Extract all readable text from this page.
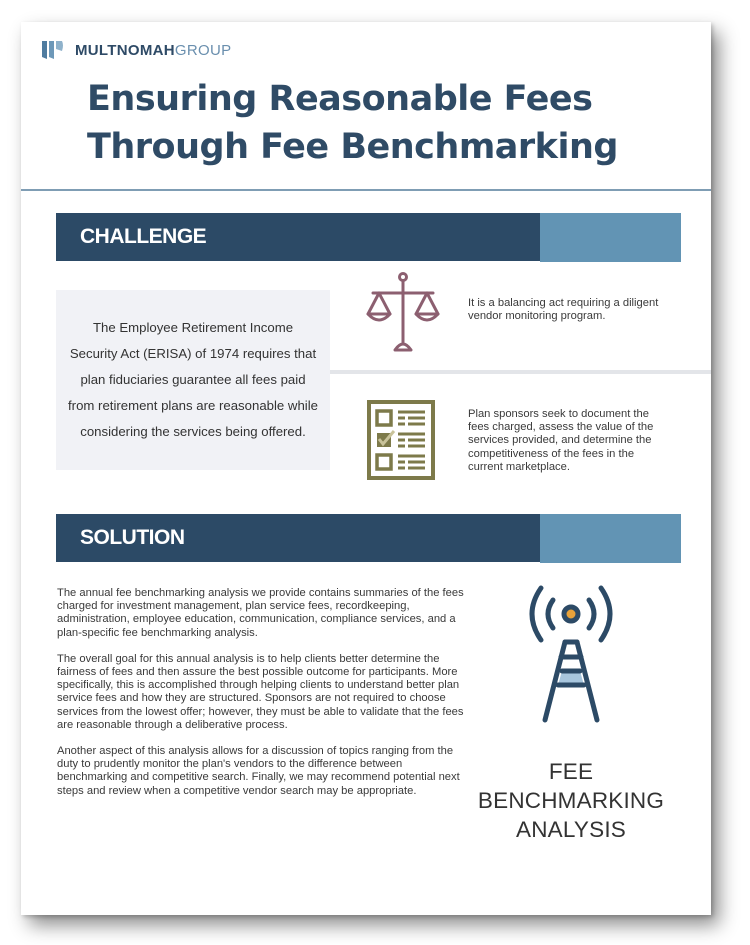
MULTNOMAHGROUP
Ensuring Reasonable Fees
Through Fee Benchmarking
CHALLENGE
The Employee Retirement Income Security Act (ERISA) of 1974 requires that plan fiduciaries guarantee all fees paid from retirement plans are reasonable while considering the services being offered.
It is a balancing act requiring a diligent vendor monitoring program.
Plan sponsors seek to document the fees charged, assess the value of the services provided, and determine the competitiveness of the fees in the current marketplace.
SOLUTION

The annual fee benchmarking analysis we provide contains summaries of the fees charged for investment management, plan service fees, recordkeeping, administration, employee education, communication, compliance services, and a plan-specific fee benchmarking analysis.

The overall goal for this annual analysis is to help clients better determine the fairness of fees and then assure the best possible outcome for participants. More specifically, this is accomplished through helping clients to understand better plan service fees and how they are structured. Sponsors are not required to choose services from the lowest offer; however, they must be able to validate that the fees are reasonable through a deliberative process.

Another aspect of this analysis allows for a discussion of topics ranging from the duty to prudently monitor the plan's vendors to the difference between benchmarking and competitive search. Finally, we may recommend potential next steps and review when a competitive vendor search may be appropriate.

FEE
BENCHMARKING
ANALYSIS
